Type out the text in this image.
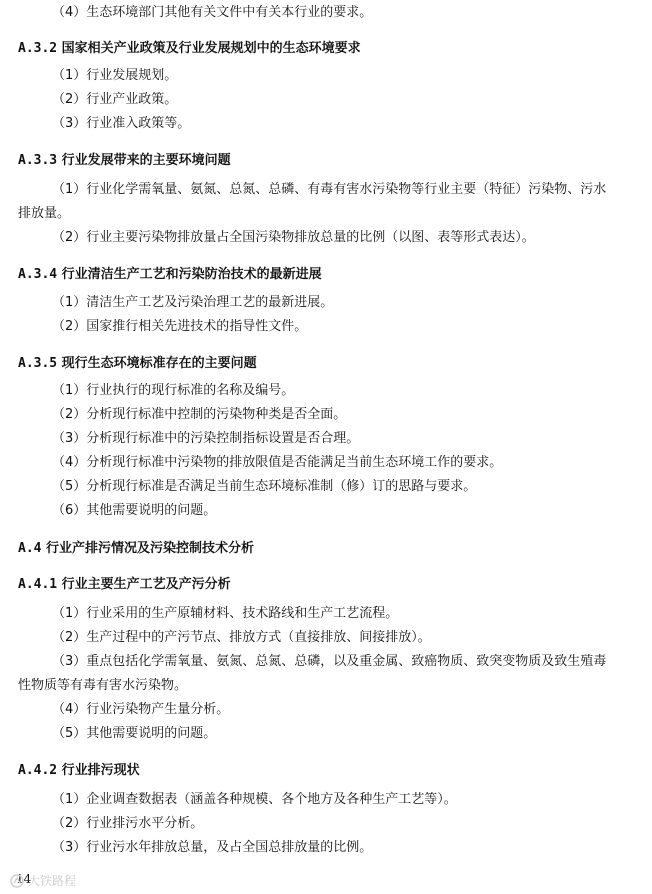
（4）生态环境部门其他有关文件中有关本行业的要求。
A.3.2 国家相关产业政策及行业发展规划中的生态环境要求
（1）行业发展规划。
（2）行业产业政策。
（3）行业准入政策等。
A.3.3 行业发展带来的主要环境问题
（1）行业化学需氧量、氨氮、总氮、总磷、有毒有害水污染物等行业主要（特征）污染物、污水
排放量。
（2）行业主要污染物排放量占全国污染物排放总量的比例（以图、表等形式表达）。
A.3.4 行业清洁生产工艺和污染防治技术的最新进展
（1）清洁生产工艺及污染治理工艺的最新进展。
（2）国家推行相关先进技术的指导性文件。
A.3.5 现行生态环境标准存在的主要问题
（1）行业执行的现行标准的名称及编号。
（2）分析现行标准中控制的污染物种类是否全面。
（3）分析现行标准中的污染控制指标设置是否合理。
（4）分析现行标准中污染物的排放限值是否能满足当前生态环境工作的要求。
（5）分析现行标准是否满足当前生态环境标准制（修）订的思路与要求。
（6）其他需要说明的问题。
A.4 行业产排污情况及污染控制技术分析
A.4.1 行业主要生产工艺及产污分析
（1）行业采用的生产原辅材料、技术路线和生产工艺流程。
（2）生产过程中的产污节点、排放方式（直接排放、间接排放）。
（3）重点包括化学需氧量、氨氮、总氮、总磷，以及重金属、致癌物质、致突变物质及致生殖毒
性物质等有毒有害水污染物。
（4）行业污染物产生量分析。
（5）其他需要说明的问题。
A.4.2 行业排污现状
（1）企业调查数据表（涵盖各种规模、各个地方及各种生产工艺等）。
（2）行业排污水平分析。
（3）行业污水年排放总量，及占全国总排放量的比例。
14
大铁路程
